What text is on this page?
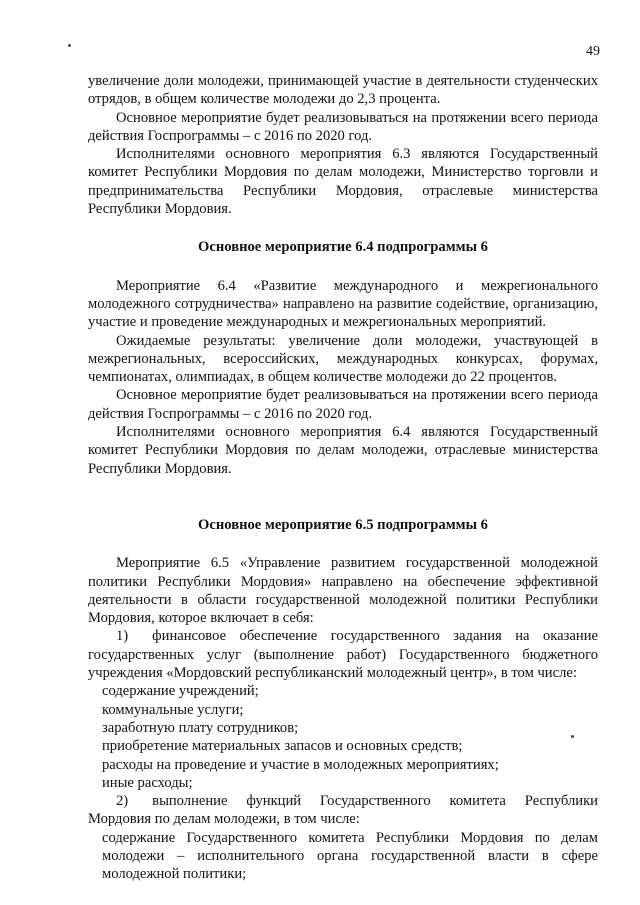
49

увеличение доли молодежи, принимающей участие в деятельности студенческих отрядов, в общем количестве молодежи до 2,3 процента.

Основное мероприятие будет реализовываться на протяжении всего периода действия Госпрограммы – с 2016 по 2020 год.

Исполнителями основного мероприятия 6.3 являются Государственный комитет Республики Мордовия по делам молодежи, Министерство торговли и предпринимательства Республики Мордовия, отраслевые министерства Республики Мордовия.

Основное мероприятие 6.4 подпрограммы 6

Мероприятие 6.4 «Развитие международного и межрегионального молодежного сотрудничества» направлено на развитие содействие, организацию, участие и проведение международных и межрегиональных мероприятий.

Ожидаемые результаты: увеличение доли молодежи, участвующей в межрегиональных, всероссийских, международных конкурсах, форумах, чемпионатах, олимпиадах, в общем количестве молодежи до 22 процентов.

Основное мероприятие будет реализовываться на протяжении всего периода действия Госпрограммы – с 2016 по 2020 год.

Исполнителями основного мероприятия 6.4 являются Государственный комитет Республики Мордовия по делам молодежи, отраслевые министерства Республики Мордовия.

Основное мероприятие 6.5 подпрограммы 6

Мероприятие 6.5 «Управление развитием государственной молодежной политики Республики Мордовия» направлено на обеспечение эффективной деятельности в области государственной молодежной политики Республики Мордовия, которое включает в себя:

1) финансовое обеспечение государственного задания на оказание государственных услуг (выполнение работ) Государственного бюджетного учреждения «Мордовский республиканский молодежный центр», в том числе:

содержание учреждений;

коммунальные услуги;

заработную плату сотрудников;

приобретение материальных запасов и основных средств;

расходы на проведение и участие в молодежных мероприятиях;

иные расходы;

2) выполнение функций Государственного комитета Республики Мордовия по делам молодежи, в том числе:

содержание Государственного комитета Республики Мордовия по делам молодежи – исполнительного органа государственной власти в сфере молодежной политики;
